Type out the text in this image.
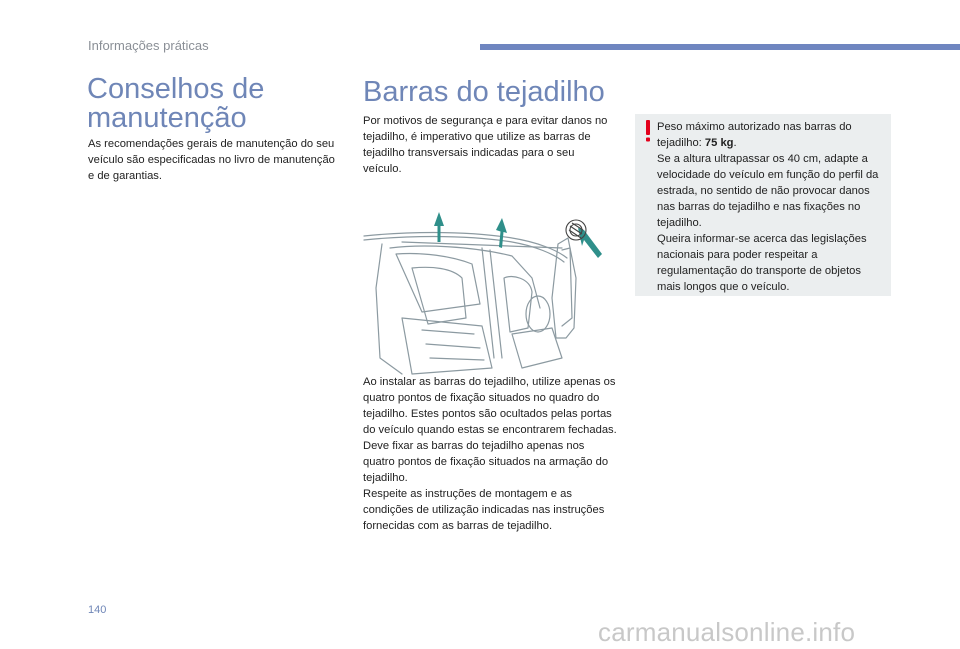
Informações práticas
Conselhos de manutenção

As recomendações gerais de manutenção do seu veículo são especificadas no livro de manutenção e de garantias.

Barras do tejadilho

Por motivos de segurança e para evitar danos no tejadilho, é imperativo que utilize as barras de tejadilho transversais indicadas para o seu veículo.

Ao instalar as barras do tejadilho, utilize apenas os quatro pontos de fixação situados no quadro do tejadilho. Estes pontos são ocultados pelas portas do veículo quando estas se encontrarem fechadas.
Deve fixar as barras do tejadilho apenas nos quatro pontos de fixação situados na armação do tejadilho.
Respeite as instruções de montagem e as condições de utilização indicadas nas instruções fornecidas com as barras de tejadilho.
Peso máximo autorizado nas barras do tejadilho: 75 kg.
Se a altura ultrapassar os 40 cm, adapte a velocidade do veículo em função do perfil da estrada, no sentido de não provocar danos nas barras do tejadilho e nas fixações no tejadilho.
Queira informar-se acerca das legislações nacionais para poder respeitar a regulamentação do transporte de objetos mais longos que o veículo.
140
carmanualsonline.info
